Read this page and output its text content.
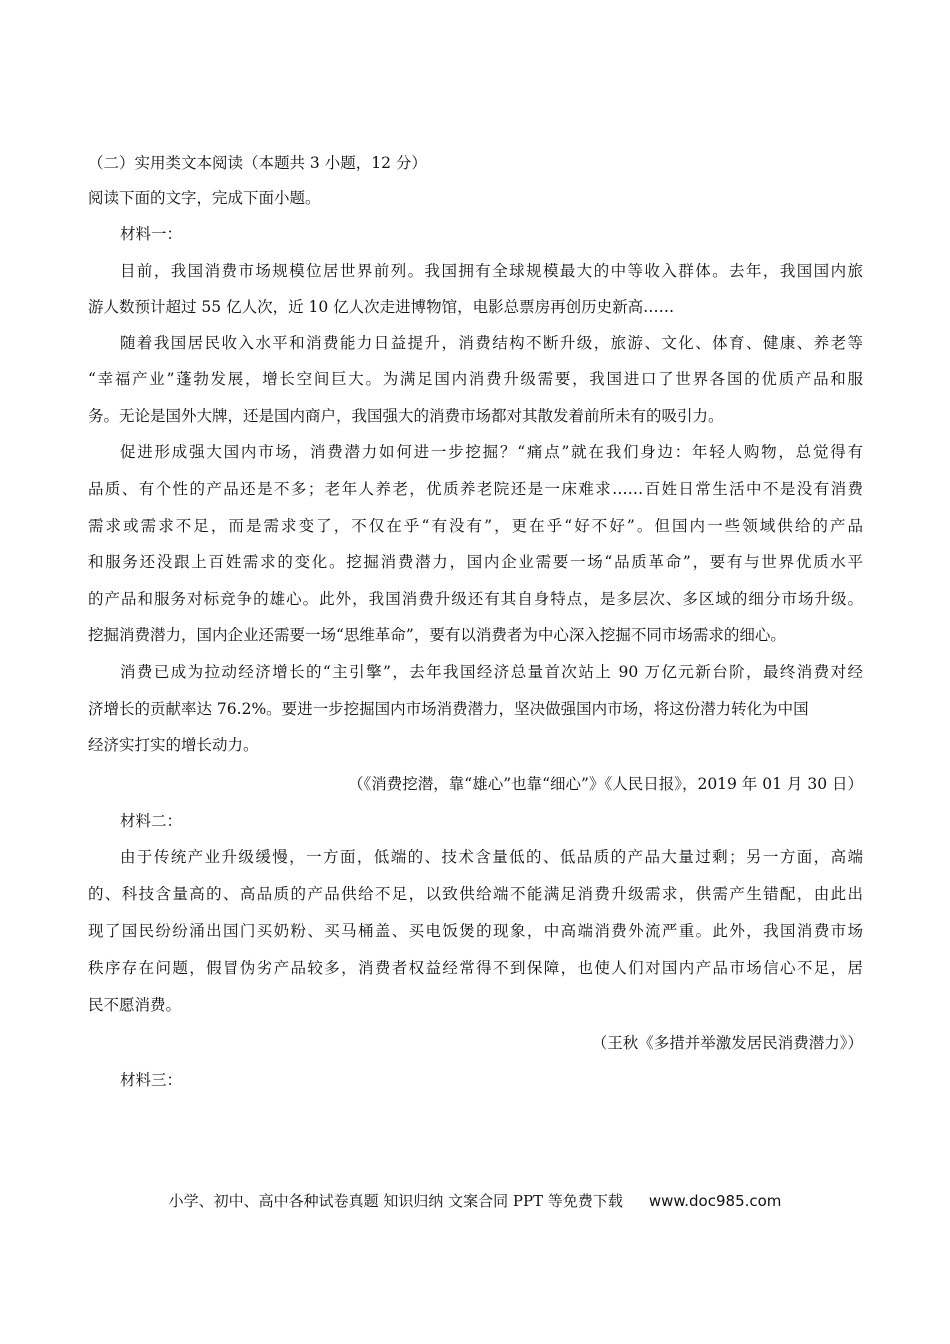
（二）实用类文本阅读（本题共 3 小题，12 分）
阅读下面的文字，完成下面小题。
材料一：
目前，我国消费市场规模位居世界前列。我国拥有全球规模最大的中等收入群体。去年，我国国内旅
游人数预计超过 55 亿人次，近 10 亿人次走进博物馆，电影总票房再创历史新高……
随着我国居民收入水平和消费能力日益提升，消费结构不断升级，旅游、文化、体育、健康、养老等
“幸福产业”蓬勃发展，增长空间巨大。为满足国内消费升级需要，我国进口了世界各国的优质产品和服
务。无论是国外大牌，还是国内商户，我国强大的消费市场都对其散发着前所未有的吸引力。
促进形成强大国内市场，消费潜力如何进一步挖掘？“痛点”就在我们身边：年轻人购物，总觉得有
品质、有个性的产品还是不多；老年人养老，优质养老院还是一床难求……百姓日常生活中不是没有消费
需求或需求不足，而是需求变了，不仅在乎“有没有”，更在乎“好不好”。但国内一些领域供给的产品
和服务还没跟上百姓需求的变化。挖掘消费潜力，国内企业需要一场“品质革命”，要有与世界优质水平
的产品和服务对标竞争的雄心。此外，我国消费升级还有其自身特点，是多层次、多区域的细分市场升级。
挖掘消费潜力，国内企业还需要一场“思维革命”，要有以消费者为中心深入挖掘不同市场需求的细心。
消费已成为拉动经济增长的“主引擎”，去年我国经济总量首次站上 90 万亿元新台阶，最终消费对经
济增长的贡献率达 76.2%。要进一步挖掘国内市场消费潜力，坚决做强国内市场，将这份潜力转化为中国
经济实打实的增长动力。
（《消费挖潜，靠“雄心”也靠“细心”》《人民日报》，2019 年 01 月 30 日）
材料二：
由于传统产业升级缓慢，一方面，低端的、技术含量低的、低品质的产品大量过剩；另一方面，高端
的、科技含量高的、高品质的产品供给不足，以致供给端不能满足消费升级需求，供需产生错配，由此出
现了国民纷纷涌出国门买奶粉、买马桶盖、买电饭煲的现象，中高端消费外流严重。此外，我国消费市场
秩序存在问题，假冒伪劣产品较多，消费者权益经常得不到保障，也使人们对国内产品市场信心不足，居
民不愿消费。
（王秋《多措并举激发居民消费潜力》）
材料三：
小学、初中、高中各种试卷真题 知识归纳 文案合同 PPT 等免费下载 www.doc985.com
